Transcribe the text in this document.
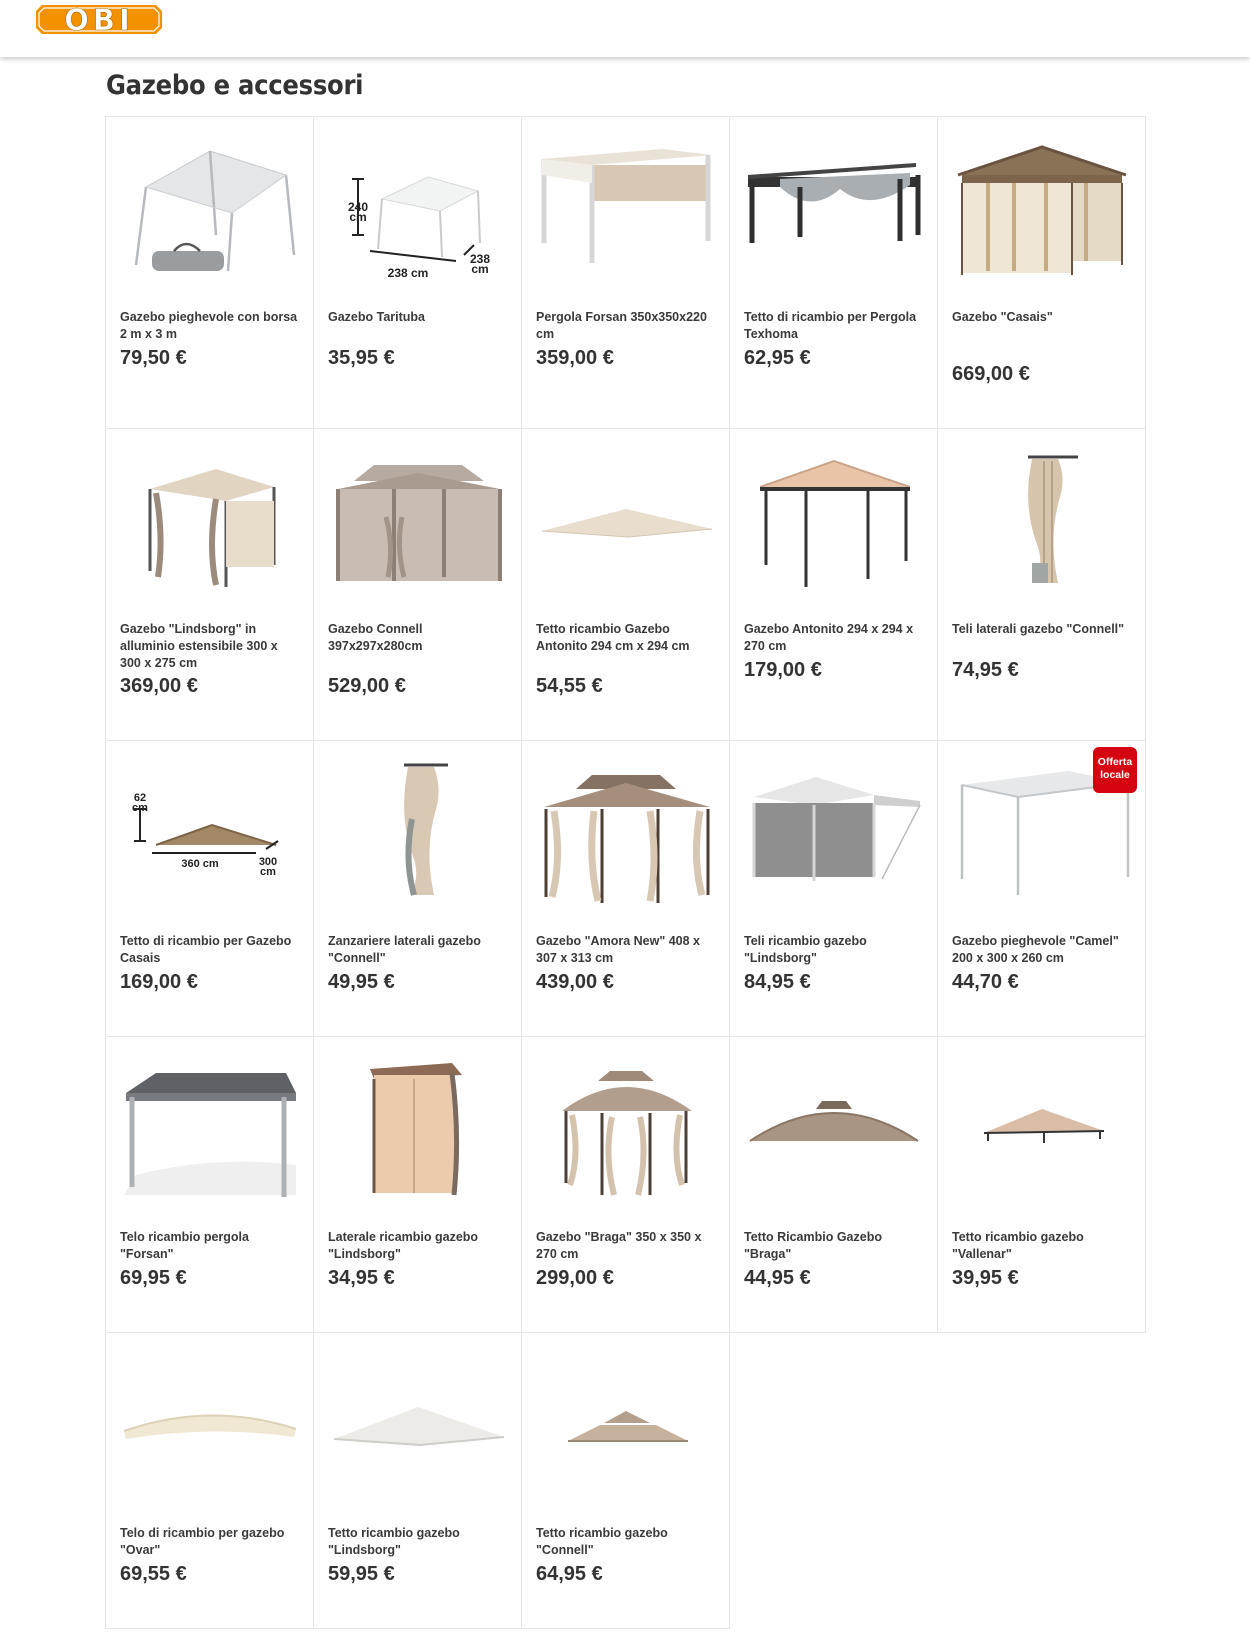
OBI
Gazebo e accessori
Gazebo pieghevole con borsa 2 m x 3 m
79,50 €
240
cm
238 cm
238
cm
Gazebo Tarituba
35,95 €
Pergola Forsan 350x350x220 cm
359,00 €
Tetto di ricambio per Pergola Texhoma
62,95 €
Gazebo "Casais"
669,00 €
Gazebo "Lindsborg" in alluminio estensibile 300 x 300 x 275 cm
369,00 €
Gazebo Connell 397x297x280cm
529,00 €
Tetto ricambio Gazebo Antonito 294 cm x 294 cm
54,55 €
Gazebo Antonito 294 x 294 x 270 cm
179,00 €
Teli laterali gazebo "Connell"
74,95 €
62
cm
360 cm	300
cm
Tetto di ricambio per Gazebo Casais
169,00 €
Zanzariere laterali gazebo "Connell"
49,95 €
Gazebo "Amora New" 408 x 307 x 313 cm
439,00 €
Teli ricambio gazebo "Lindsborg"
84,95 €
Gazebo pieghevole "Camel" 200 x 300 x 260 cm
44,70 €
Offerta locale
Telo ricambio pergola "Forsan"
69,95 €
Laterale ricambio gazebo "Lindsborg"
34,95 €
Gazebo "Braga" 350 x 350 x 270 cm
299,00 €
Tetto Ricambio Gazebo "Braga"
44,95 €
Tetto ricambio gazebo "Vallenar"
39,95 €
Telo di ricambio per gazebo "Ovar"
69,55 €
Tetto ricambio gazebo "Lindsborg"
59,95 €
Tetto ricambio gazebo "Connell"
64,95 €
